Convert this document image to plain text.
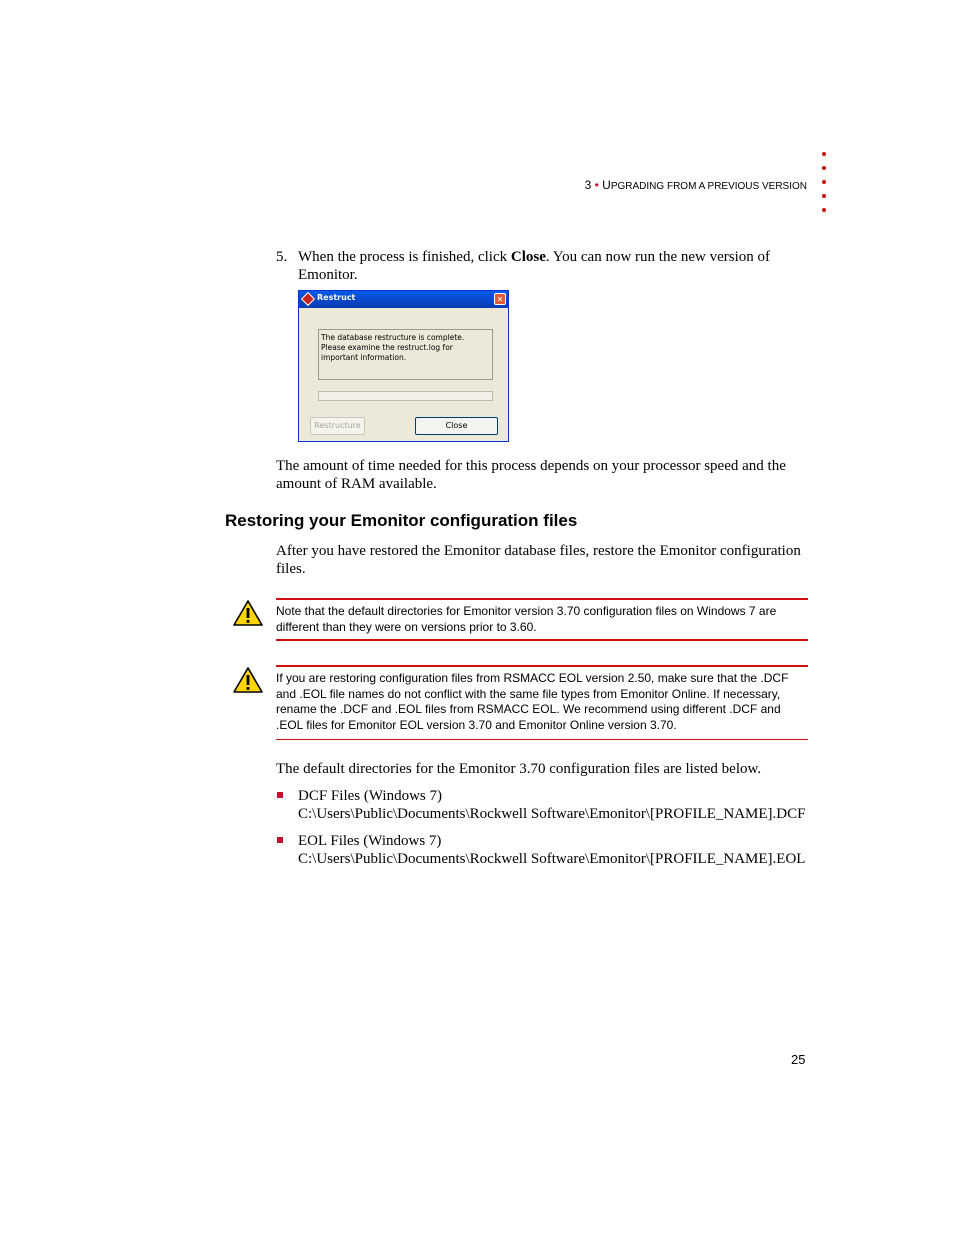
3 • UPGRADING FROM A PREVIOUS VERSION
5. When the process is finished, click Close. You can now run the new version of Emonitor.
Restruct	✕
The database restructure is complete. Please examine the restruct.log for important information.
Restructure	Close
The amount of time needed for this process depends on your processor speed and the amount of RAM available.
Restoring your Emonitor configuration files
After you have restored the Emonitor database files, restore the Emonitor configuration files.
Note that the default directories for Emonitor version 3.70 configuration files on Windows 7 are different than they were on versions prior to 3.60.
If you are restoring configuration files from RSMACC EOL version 2.50, make sure that the .DCF and .EOL file names do not conflict with the same file types from Emonitor Online. If necessary, rename the .DCF and .EOL files from RSMACC EOL. We recommend using different .DCF and .EOL files for Emonitor EOL version 3.70 and Emonitor Online version 3.70.
The default directories for the Emonitor 3.70 configuration files are listed below.
DCF Files (Windows 7)
C:\Users\Public\Documents\Rockwell Software\Emonitor\[PROFILE_NAME].DCF
EOL Files (Windows 7)
C:\Users\Public\Documents\Rockwell Software\Emonitor\[PROFILE_NAME].EOL
25
